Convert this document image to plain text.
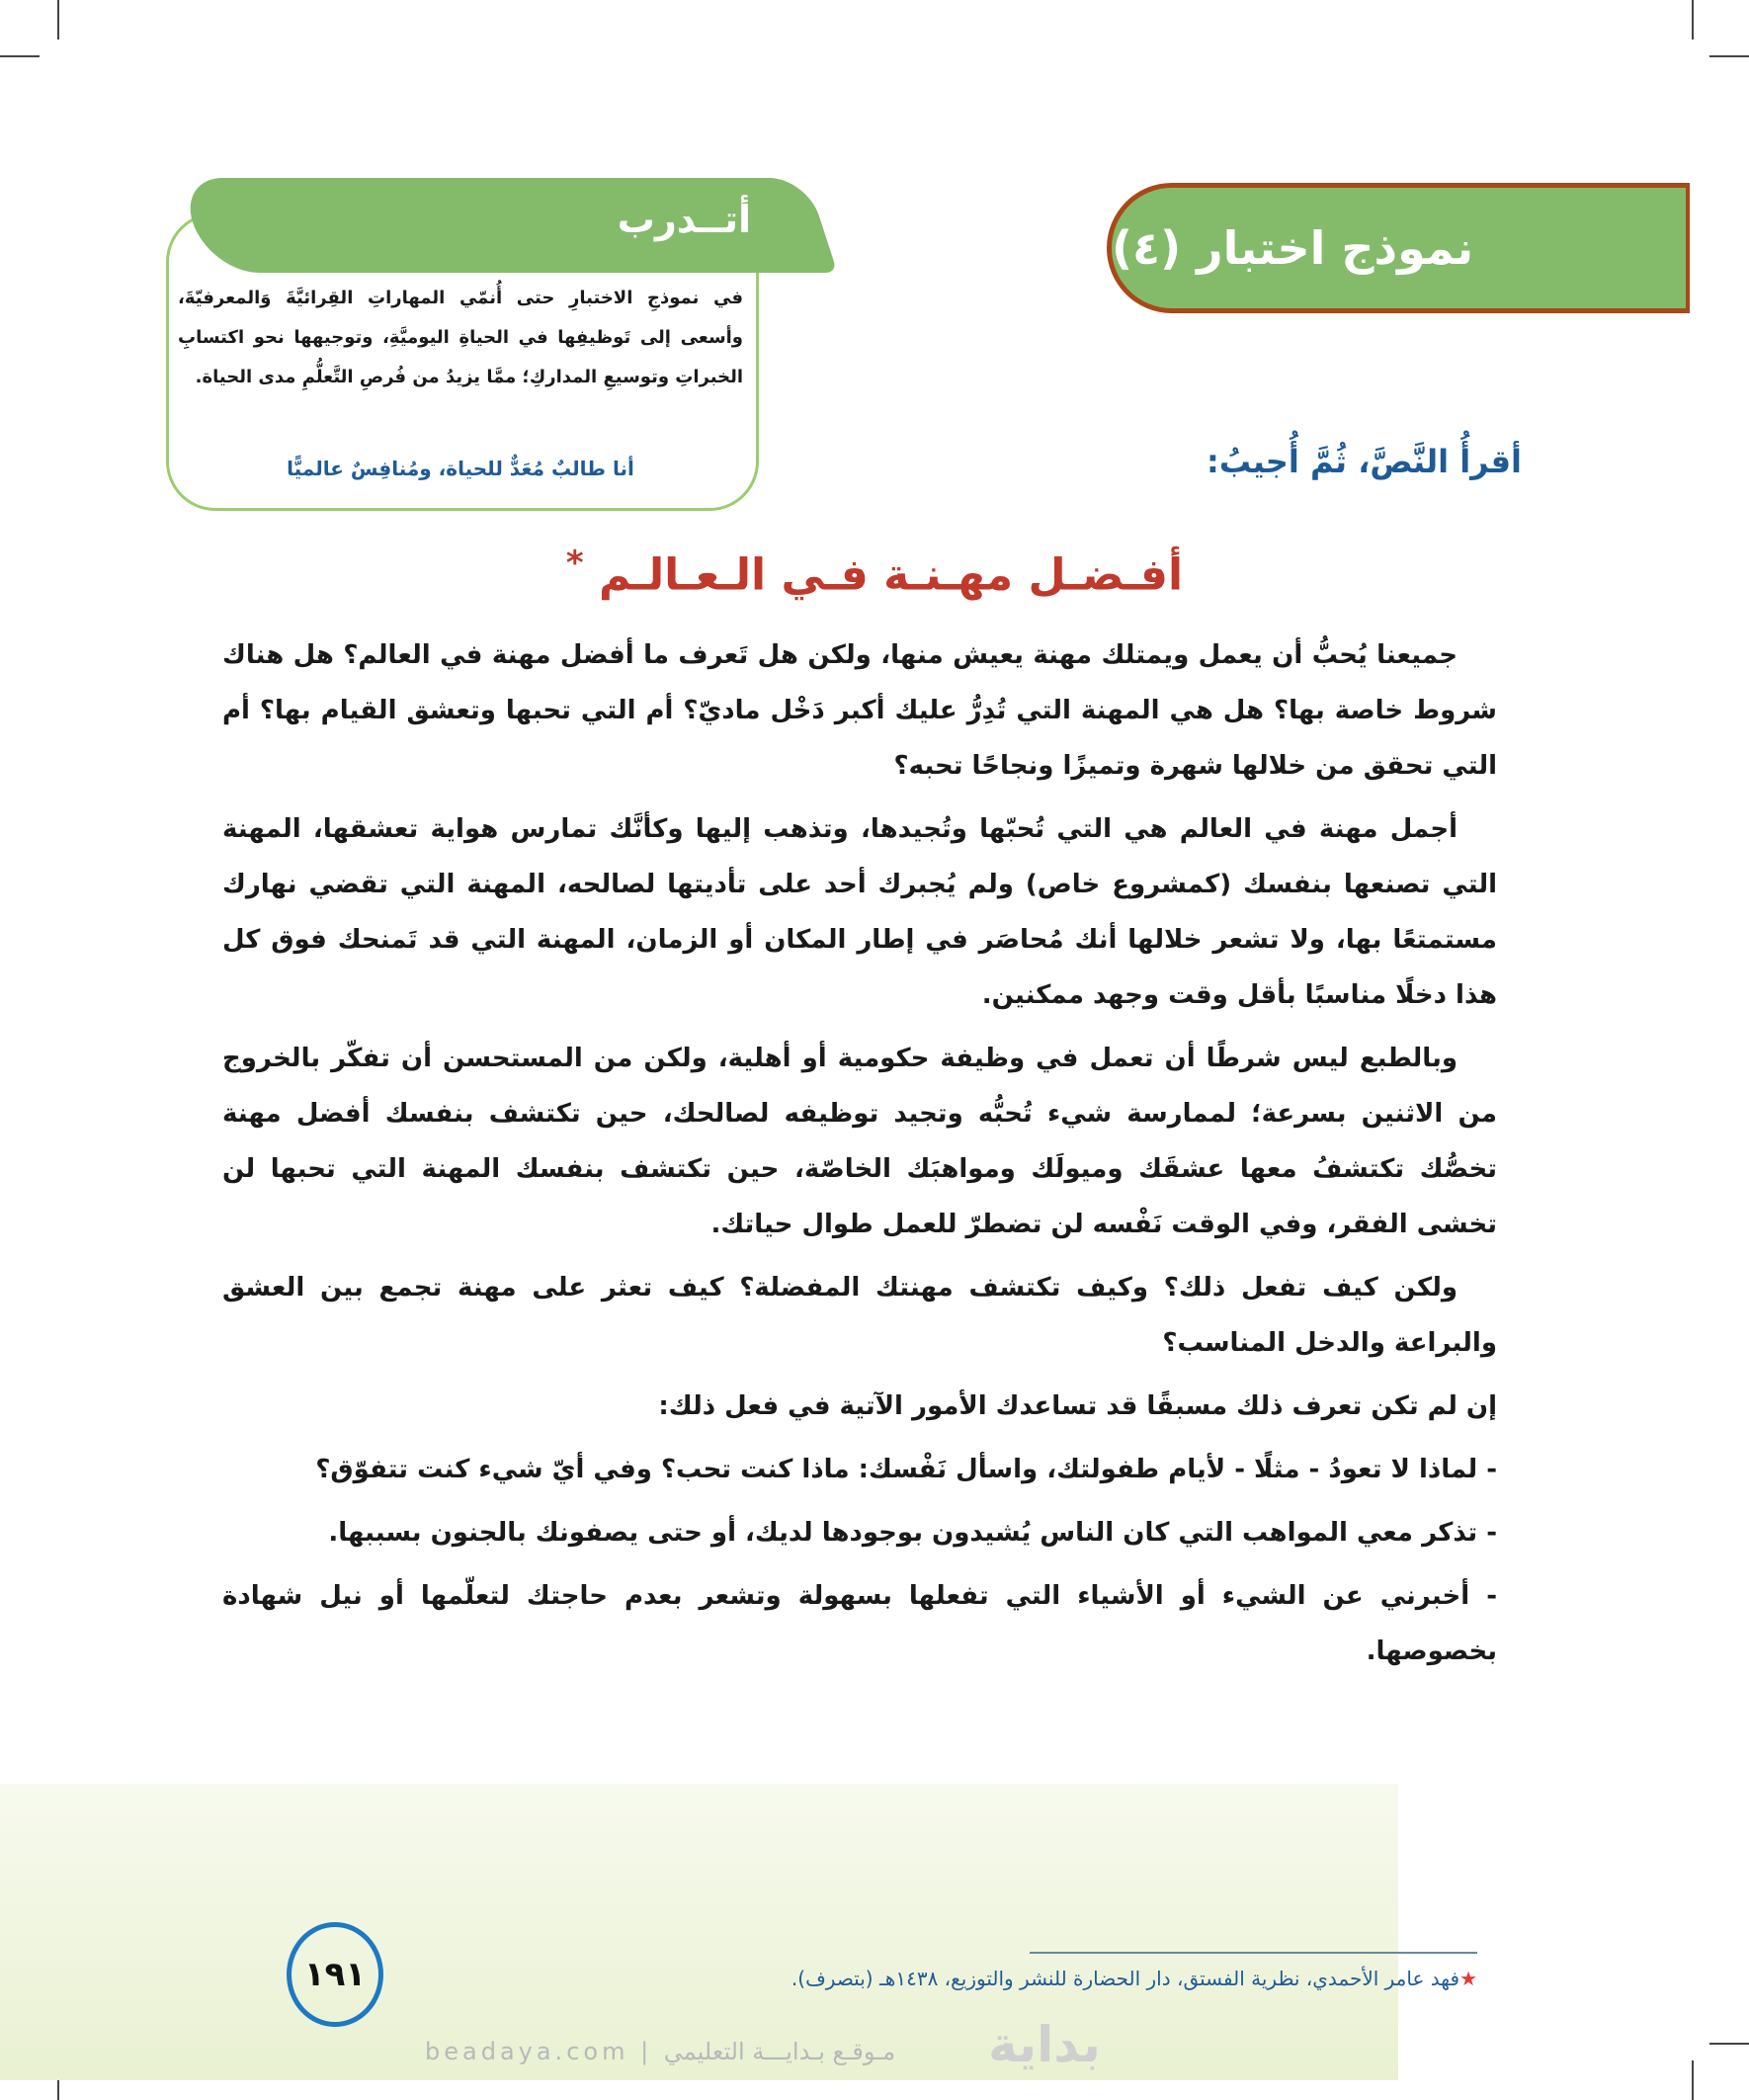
نموذج اختبار (٤)
أتــدرب
في نموذجِ الاختبارِ حتى أُنمّي المهاراتِ القِرائيَّةَ وَالمعرفيّةَ، وأسعى إلى تَوظيفِها في الحياةِ اليوميَّةِ، وتوجيهها نحو اكتسابِ الخبراتِ وتوسيعِ المداركِ؛ ممَّا يزيدُ من فُرصِ التَّعلُّمِ مدى الحياة.
أنا طالبٌ مُعَدٌّ للحياة، ومُنافِسٌ عالميًّا	أقرأُ النَّصَّ، ثُمَّ أُجيبُ:
أفـضـل مهـنـة فـي الـعـالـم *

جميعنا يُحبُّ أن يعمل ويمتلك مهنة يعيش منها، ولكن هل تَعرف ما أفضل مهنة في العالم؟ هل هناك شروط خاصة بها؟ هل هي المهنة التي تُدِرُّ عليك أكبر دَخْل ماديّ؟ أم التي تحبها وتعشق القيام بها؟ أم التي تحقق من خلالها شهرة وتميزًا ونجاحًا تحبه؟

أجمل مهنة في العالم هي التي تُحبّها وتُجيدها، وتذهب إليها وكأنَّك تمارس هواية تعشقها، المهنة التي تصنعها بنفسك (كمشروع خاص) ولم يُجبرك أحد على تأديتها لصالحه، المهنة التي تقضي نهارك مستمتعًا بها، ولا تشعر خلالها أنك مُحاصَر في إطار المكان أو الزمان، المهنة التي قد تَمنحك فوق كل هذا دخلًا مناسبًا بأقل وقت وجهد ممكنين.

وبالطبع ليس شرطًا أن تعمل في وظيفة حكومية أو أهلية، ولكن من المستحسن أن تفكّر بالخروج من الاثنين بسرعة؛ لممارسة شيء تُحبُّه وتجيد توظيفه لصالحك، حين تكتشف بنفسك أفضل مهنة تخصُّك تكتشفُ معها عشقَك وميولَك ومواهبَك الخاصّة، حين تكتشف بنفسك المهنة التي تحبها لن تخشى الفقر، وفي الوقت نَفْسه لن تضطرّ للعمل طوال حياتك.

ولكن كيف تفعل ذلك؟ وكيف تكتشف مهنتك المفضلة؟ كيف تعثر على مهنة تجمع بين العشق والبراعة والدخل المناسب؟

إن لم تكن تعرف ذلك مسبقًا قد تساعدك الأمور الآتية في فعل ذلك:

- لماذا لا تعودُ - مثلًا - لأيام طفولتك، واسأل نَفْسك: ماذا كنت تحب؟ وفي أيّ شيء كنت تتفوّق؟

- تذكر معي المواهب التي كان الناس يُشيدون بوجودها لديك، أو حتى يصفونك بالجنون بسببها.

- أخبرني عن الشيء أو الأشياء التي تفعلها بسهولة وتشعر بعدم حاجتك لتعلّمها أو نيل شهادة بخصوصها.

★فهد عامر الأحمدي، نظرية الفستق، دار الحضارة للنشر والتوزيع، ١٤٣٨هـ (بتصرف).
١٩١
beadaya.com | مـوقـع بـدايـــة التعليمي بداية
